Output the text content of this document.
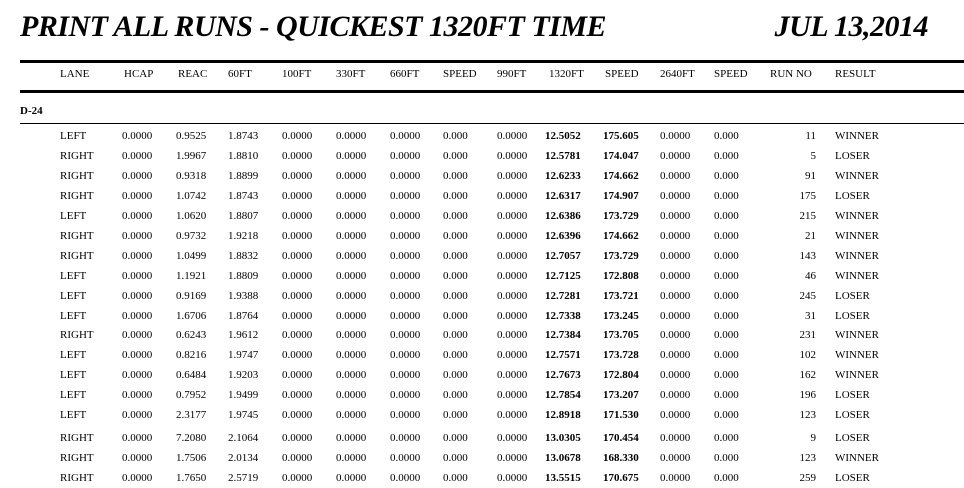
PRINT ALL RUNS - QUICKEST 1320FT TIME	JUL 13,2014
LANE	HCAP REAC 60FT	100FT 330FT 660FT SPEED 990FT 1320FT SPEED 2640FT SPEED RUN NO RESULT
D-24
LEFT	0.0000 0.9525 1.8743 0.0000 0.0000 0.0000 0.000	0.0000 12.5052 175.605 0.0000 0.000	11 WINNER
RIGHT	0.0000 1.9967 1.8810 0.0000 0.0000 0.0000 0.000	0.0000 12.5781 174.047 0.0000 0.000	5 LOSER
RIGHT	0.0000 0.9318 1.8899 0.0000 0.0000 0.0000 0.000	0.0000 12.6233 174.662 0.0000 0.000	91 WINNER
RIGHT	0.0000 1.0742 1.8743 0.0000 0.0000 0.0000 0.000	0.0000 12.6317 174.907 0.0000 0.000	175 LOSER
LEFT	0.0000 1.0620 1.8807 0.0000 0.0000 0.0000 0.000	0.0000 12.6386 173.729 0.0000 0.000	215 WINNER
RIGHT	0.0000 0.9732 1.9218 0.0000 0.0000 0.0000 0.000	0.0000 12.6396 174.662 0.0000 0.000	21 WINNER
RIGHT	0.0000 1.0499 1.8832 0.0000 0.0000 0.0000 0.000	0.0000 12.7057 173.729 0.0000 0.000	143 WINNER
LEFT	0.0000 1.1921 1.8809 0.0000 0.0000 0.0000 0.000	0.0000 12.7125 172.808 0.0000 0.000	46 WINNER
LEFT	0.0000 0.9169 1.9388 0.0000 0.0000 0.0000 0.000	0.0000 12.7281 173.721 0.0000 0.000	245 LOSER
LEFT	0.0000 1.6706 1.8764 0.0000 0.0000 0.0000 0.000	0.0000 12.7338 173.245 0.0000 0.000	31 LOSER
RIGHT	0.0000 0.6243 1.9612 0.0000 0.0000 0.0000 0.000	0.0000 12.7384 173.705 0.0000 0.000	231 WINNER
LEFT	0.0000 0.8216 1.9747 0.0000 0.0000 0.0000 0.000	0.0000 12.7571 173.728 0.0000 0.000	102 WINNER
LEFT	0.0000 0.6484 1.9203 0.0000 0.0000 0.0000 0.000	0.0000 12.7673 172.804 0.0000 0.000	162 WINNER
LEFT	0.0000 0.7952 1.9499 0.0000 0.0000 0.0000 0.000	0.0000 12.7854 173.207 0.0000 0.000	196 LOSER
LEFT	0.0000 2.3177 1.9745 0.0000 0.0000 0.0000 0.000	0.0000 12.8918 171.530 0.0000 0.000	123 LOSER
RIGHT	0.0000 7.2080 2.1064 0.0000 0.0000 0.0000 0.000	0.0000 13.0305 170.454 0.0000 0.000	9 LOSER
RIGHT	0.0000 1.7506 2.0134 0.0000 0.0000 0.0000 0.000	0.0000 13.0678 168.330 0.0000 0.000	123 WINNER
RIGHT	0.0000 1.7650 2.5719 0.0000 0.0000 0.0000 0.000	0.0000 13.5515 170.675 0.0000 0.000	259 LOSER
